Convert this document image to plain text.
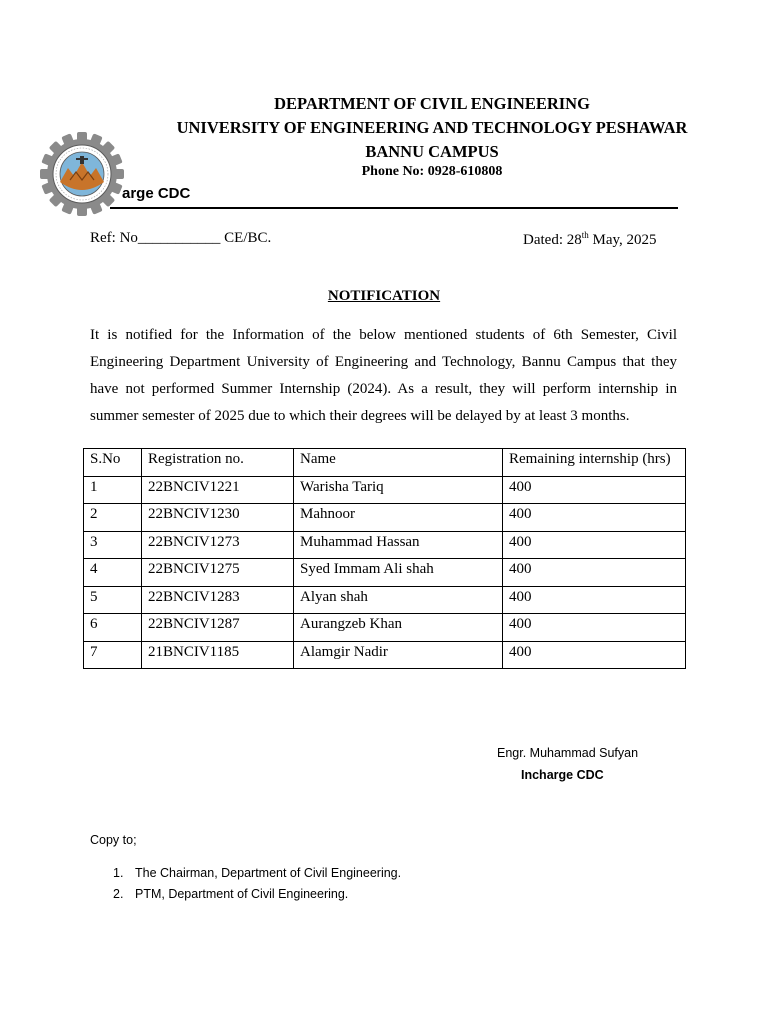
DEPARTMENT OF CIVIL ENGINEERING
UNIVERSITY OF ENGINEERING AND TECHNOLOGY PESHAWAR
BANNU CAMPUS
Phone No: 0928-610808
arge CDC
Ref: No___________ CE/BC.	Dated: 28th May, 2025
NOTIFICATION
It is notified for the Information of the below mentioned students of 6th Semester, Civil Engineering Department University of Engineering and Technology, Bannu Campus that they have not performed Summer Internship (2024). As a result, they will perform internship in summer semester of 2025 due to which their degrees will be delayed by at least 3 months.
S.No	Registration no.	Name	Remaining internship (hrs)
1	22BNCIV1221	Warisha Tariq	400
2	22BNCIV1230	Mahnoor	400
3	22BNCIV1273	Muhammad Hassan	400
4	22BNCIV1275	Syed Immam Ali shah	400
5	22BNCIV1283	Alyan shah	400
6	22BNCIV1287	Aurangzeb Khan	400
7	21BNCIV1185	Alamgir Nadir	400
Engr. Muhammad Sufyan
Incharge CDC
Copy to;
1. The Chairman, Department of Civil Engineering.
2. PTM, Department of Civil Engineering.
